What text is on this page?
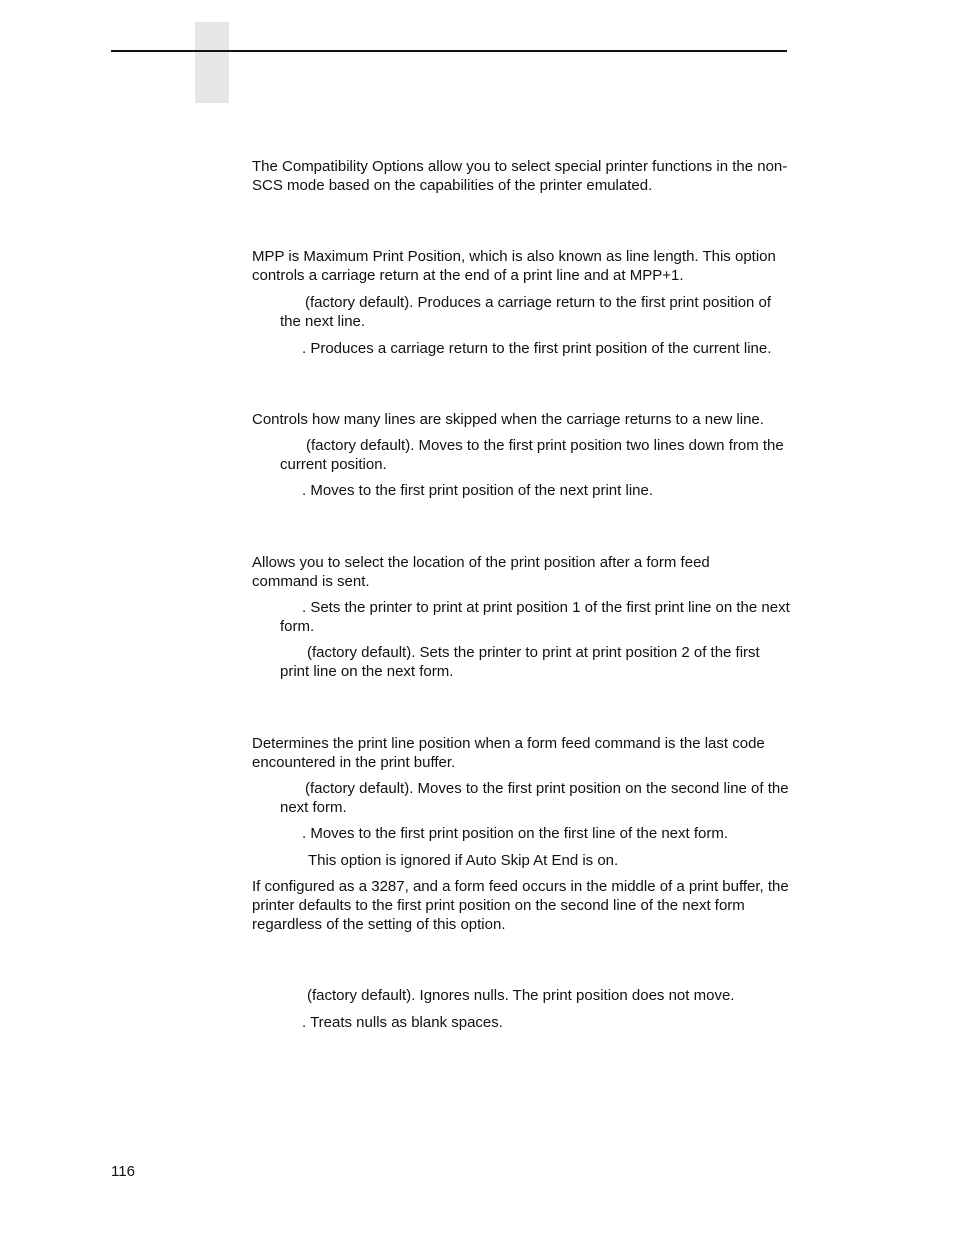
The Compatibility Options allow you to select special printer functions in the non-SCS mode based on the capabilities of the printer emulated.

MPP is Maximum Print Position, which is also known as line length. This option controls a carriage return at the end of a print line and at MPP+1.

(factory default). Produces a carriage return to the first print position of the next line.

. Produces a carriage return to the first print position of the current line.

Controls how many lines are skipped when the carriage returns to a new line.

(factory default). Moves to the first print position two lines down from the current position.

. Moves to the first print position of the next print line.

Allows you to select the location of the print position after a form feed command is sent.

. Sets the printer to print at print position 1 of the first print line on the next form.

(factory default). Sets the printer to print at print position 2 of the first print line on the next form.

Determines the print line position when a form feed command is the last code encountered in the print buffer.

(factory default). Moves to the first print position on the second line of the next form.

. Moves to the first print position on the first line of the next form.

This option is ignored if Auto Skip At End is on.

If configured as a 3287, and a form feed occurs in the middle of a print buffer, the printer defaults to the first print position on the second line of the next form regardless of the setting of this option.

(factory default). Ignores nulls. The print position does not move.

. Treats nulls as blank spaces.

116
